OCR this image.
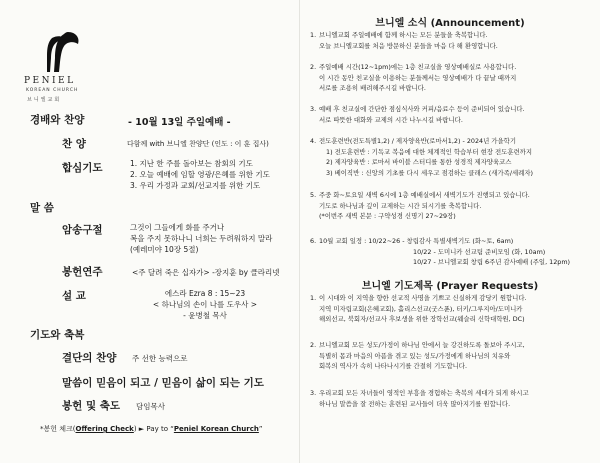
PENIEL
KOREAN CHURCH
브니엘교회
경배와 찬양	- 10월 13일 주일예배 -
찬 양	다함께 with 브니엘 찬양단 (인도 : 이 훈 집사)
합심기도	1. 지난 한 주를 돌아보는 참회의 기도
2. 오늘 예배에 임할 영광/은혜를 위한 기도
3. 우리 가정과 교회/선교지를 위한 기도
말 씀
암송구절	그것이 그들에게 화를 주거나
복을 주지 못하나니 너희는 두려워하지 말라
(예레미야 10장 5절)
봉헌연주	<주 달려 죽은 십자가> -장지훈 by 클라리넷
설 교	에스라 Ezra 8 : 15~23
< 하나님의 손이 나를 도우사 >
- 윤병철 목사
기도와 축복
결단의 찬양 주 선한 능력으로
말씀이 믿음이 되고 / 믿음이 삶이 되는 기도
봉헌 및 축도 담임목사
*봉헌 체크(Offering Check) ► Pay to “Peniel Korean Church”
브니엘 소식 (Announcement)
1. 브니엘교회 주일예배에 함께 하시는 모든 분들을 축복합니다.
오늘 브니엘교회를 처음 방문하신 분들을 마음 다 해 환영합니다.
2. 주일예배 시간(12~1pm)에는 1층 친교실을 영상예배실로 사용합니다.
이 시간 동안 친교실을 이용하는 분들께서는 영상예배가 다 끝날 때까지
서로를 조용히 배려해주시길 바랍니다.
3. 예배 후 친교실에 간단한 점심식사와 커피/음료수 등이 준비되어 있습니다.
서로 따뜻한 대화와 교제의 시간 나누시길 바랍니다.
4. 전도훈련반(전도특별1,2) / 제자양육반(로마서1,2) - 2024년 가을학기
1) 전도훈련반 : 기독교 복음에 대한 체계적인 학습부터 현장 전도훈련까지
2) 제자양육반 : 로마서 바이블 스터디를 통한 성경적 제자양육코스
3) 베이직반 : 신앙의 기초를 다시 세우고 점검하는 클래스 (새가족/세례자)
5. 주중 화~토요일 새벽 6시에 1층 예배실에서 새벽기도가 진행되고 있습니다.
기도로 하나님과 깊이 교제하는 시간 되시기를 축복합니다.
(*이번주 새벽 본문 : 구약성경 신명기 27~29장)
6. 10월 교회 일정 : 10/22~26 - 창립감사 특별새벽기도 (화~토, 6am)
10/22 - 도미니카 선교팀 준비모임 (화, 10am)
10/27 - 브니엘교회 창립 6주년 감사예배 (주일, 12pm)
브니엘 기도제목 (Prayer Requests)
1. 이 시대와 이 지역을 향한 선교적 사명을 기쁘고 신실하게 감당키 원합니다.
지역 미자립교회(은혜교회), 홀리스선교(굿스푼), 터키/그루지아/도미니카
해외선교, 북회자/선교사 후보생을 위한 장학선교(웨슬리 신학대학원, DC)
2. 브니엘교회 모든 성도/가정이 하나님 안에서 늘 강건하도록 돌보아 주시고,
특별히 몸과 마음의 아픔을 겪고 있는 성도/가정에게 하나님의 치유와
회복의 역사가 속히 나타나시기를 간절히 기도합니다.
3. 우리교회 모든 자녀들이 영적인 부흥을 경험하는 축복의 세대가 되게 하시고
하나님 말씀을 잘 전하는 훈련된 교사들이 더욱 많아지기를 원합니다.
